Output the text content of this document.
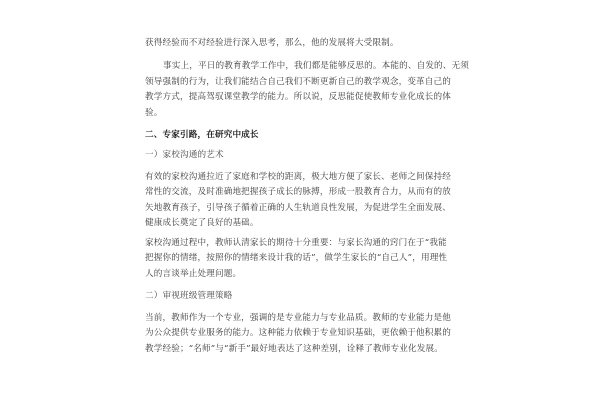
获得经验而不对经验进行深入思考，那么，他的发展将大受限制。
事实上，平日的教育教学工作中，我们都是能够反思的。本能的、自发的、无须
领导强制的行为，让我们能结合自己我们不断更新自己的教学观念，变革自己的
教学方式，提高驾驭课堂教学的能力。所以说，反思能促使教师专业化成长的体
验。
二、专家引路，在研究中成长
一）家校沟通的艺术
有效的家校沟通拉近了家庭和学校的距离，极大地方便了家长、老师之间保持经
常性的交流，及时准确地把握孩子成长的脉搏，形成一股教育合力，从而有的放
矢地教育孩子，引导孩子循着正确的人生轨道良性发展，为促进学生全面发展、
健康成长奠定了良好的基础。
家校沟通过程中，教师认清家长的期待十分重要：与家长沟通的窍门在于“我能
把握你的情绪，按照你的情绪来设计我的话”，做学生家长的“自己人”，用理性
人的言谈举止处理问题。
二）审视班级管理策略
当前，教师作为一个专业，强调的是专业能力与专业品质。教师的专业能力是他
为公众提供专业服务的能力。这种能力依赖于专业知识基础，更依赖于他积累的
教学经验；“名师”与“新手”最好地表达了这种差别，诠释了教师专业化发展。
